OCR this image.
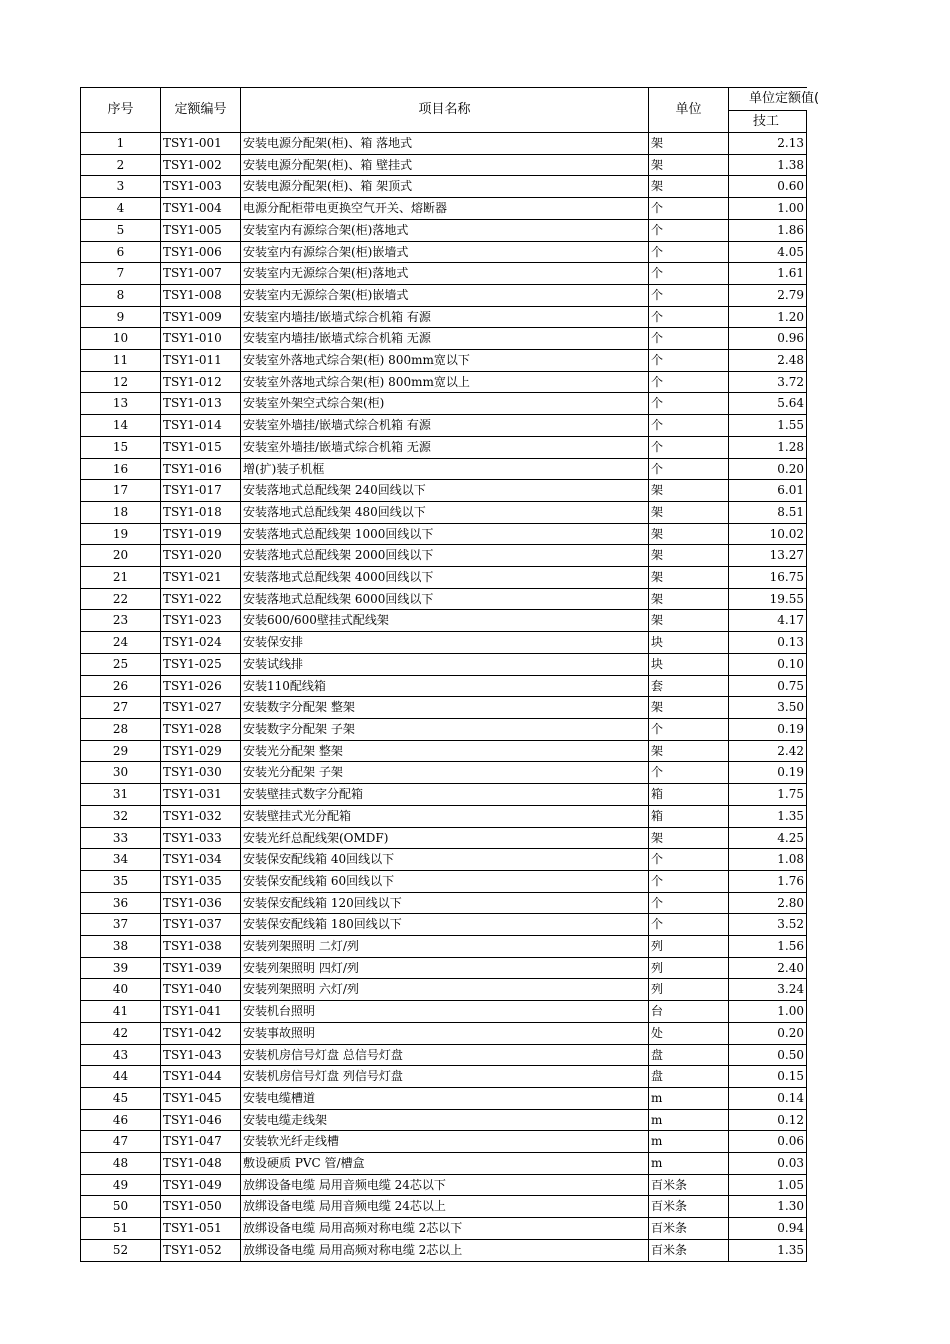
序号	定额编号	项目名称	单位	单位定额值(
				技工
1	TSY1-001	安装电源分配架(柜)、箱 落地式	架	2.13
2	TSY1-002	安装电源分配架(柜)、箱 壁挂式	架	1.38
3	TSY1-003	安装电源分配架(柜)、箱 架顶式	架	0.60
4	TSY1-004	电源分配柜带电更换空气开关、熔断器	个	1.00
5	TSY1-005	安装室内有源综合架(柜)落地式	个	1.86
6	TSY1-006	安装室内有源综合架(柜)嵌墙式	个	4.05
7	TSY1-007	安装室内无源综合架(柜)落地式	个	1.61
8	TSY1-008	安装室内无源综合架(柜)嵌墙式	个	2.79
9	TSY1-009	安装室内墙挂/嵌墙式综合机箱 有源	个	1.20
10	TSY1-010	安装室内墙挂/嵌墙式综合机箱 无源	个	0.96
11	TSY1-011	安装室外落地式综合架(柜) 800mm宽以下	个	2.48
12	TSY1-012	安装室外落地式综合架(柜) 800mm宽以上	个	3.72
13	TSY1-013	安装室外架空式综合架(柜)	个	5.64
14	TSY1-014	安装室外墙挂/嵌墙式综合机箱 有源	个	1.55
15	TSY1-015	安装室外墙挂/嵌墙式综合机箱 无源	个	1.28
16	TSY1-016	增(扩)装子机框	个	0.20
17	TSY1-017	安装落地式总配线架 240回线以下	架	6.01
18	TSY1-018	安装落地式总配线架 480回线以下	架	8.51
19	TSY1-019	安装落地式总配线架 1000回线以下	架	10.02
20	TSY1-020	安装落地式总配线架 2000回线以下	架	13.27
21	TSY1-021	安装落地式总配线架 4000回线以下	架	16.75
22	TSY1-022	安装落地式总配线架 6000回线以下	架	19.55
23	TSY1-023	安装600/600壁挂式配线架	架	4.17
24	TSY1-024	安装保安排	块	0.13
25	TSY1-025	安装试线排	块	0.10
26	TSY1-026	安装110配线箱	套	0.75
27	TSY1-027	安装数字分配架 整架	架	3.50
28	TSY1-028	安装数字分配架 子架	个	0.19
29	TSY1-029	安装光分配架 整架	架	2.42
30	TSY1-030	安装光分配架 子架	个	0.19
31	TSY1-031	安装壁挂式数字分配箱	箱	1.75
32	TSY1-032	安装壁挂式光分配箱	箱	1.35
33	TSY1-033	安装光纤总配线架(OMDF)	架	4.25
34	TSY1-034	安装保安配线箱 40回线以下	个	1.08
35	TSY1-035	安装保安配线箱 60回线以下	个	1.76
36	TSY1-036	安装保安配线箱 120回线以下	个	2.80
37	TSY1-037	安装保安配线箱 180回线以下	个	3.52
38	TSY1-038	安装列架照明 二灯/列	列	1.56
39	TSY1-039	安装列架照明 四灯/列	列	2.40
40	TSY1-040	安装列架照明 六灯/列	列	3.24
41	TSY1-041	安装机台照明	台	1.00
42	TSY1-042	安装事故照明	处	0.20
43	TSY1-043	安装机房信号灯盘 总信号灯盘	盘	0.50
44	TSY1-044	安装机房信号灯盘 列信号灯盘	盘	0.15
45	TSY1-045	安装电缆槽道	m	0.14
46	TSY1-046	安装电缆走线架	m	0.12
47	TSY1-047	安装软光纤走线槽	m	0.06
48	TSY1-048	敷设硬质 PVC 管/槽盒	m	0.03
49	TSY1-049	放绑设备电缆 局用音频电缆 24芯以下	百米条	1.05
50	TSY1-050	放绑设备电缆 局用音频电缆 24芯以上	百米条	1.30
51	TSY1-051	放绑设备电缆 局用高频对称电缆 2芯以下	百米条	0.94
52	TSY1-052	放绑设备电缆 局用高频对称电缆 2芯以上	百米条	1.35
